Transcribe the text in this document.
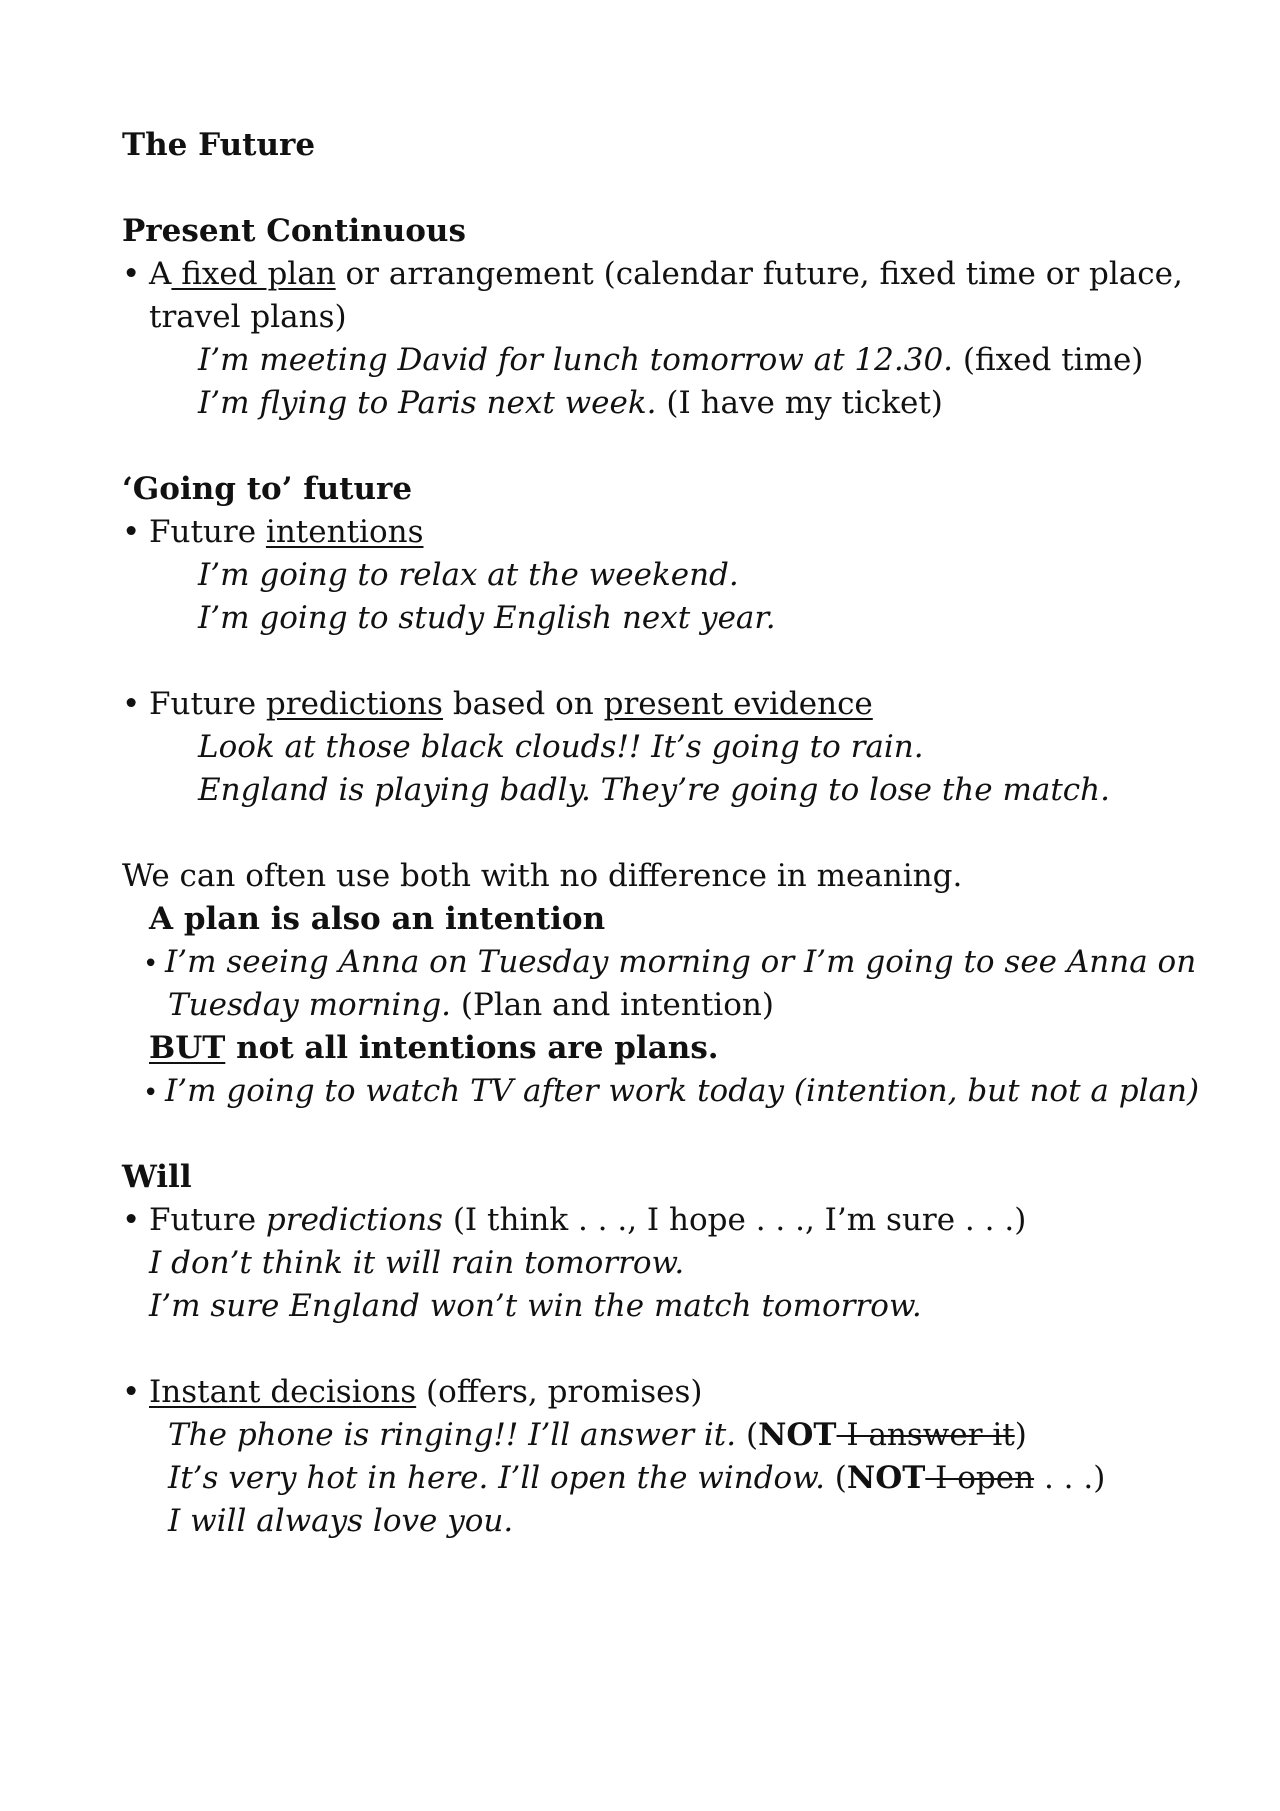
The Future
Present Continuous
• A fixed plan or arrangement (calendar future, fixed time or place,
travel plans)
I’m meeting David for lunch tomorrow at 12.30. (fixed time)
I’m flying to Paris next week. (I have my ticket)
‘Going to’ future
• Future intentions
I’m going to relax at the weekend.
I’m going to study English next year.
• Future predictions based on present evidence
Look at those black clouds!! It’s going to rain.
England is playing badly. They’re going to lose the match.
We can often use both with no difference in meaning.
A plan is also an intention
• I’m seeing Anna on Tuesday morning or I’m going to see Anna on
Tuesday morning. (Plan and intention)
BUT not all intentions are plans.
• I’m going to watch TV after work today (intention, but not a plan)
Will
• Future predictions (I think . . ., I hope . . ., I’m sure . . .)
I don’t think it will rain tomorrow.
I’m sure England won’t win the match tomorrow.
• Instant decisions (offers, promises)
The phone is ringing!! I’ll answer it. (NOT I answer it)
It’s very hot in here. I’ll open the window. (NOT I open . . .)
I will always love you.
